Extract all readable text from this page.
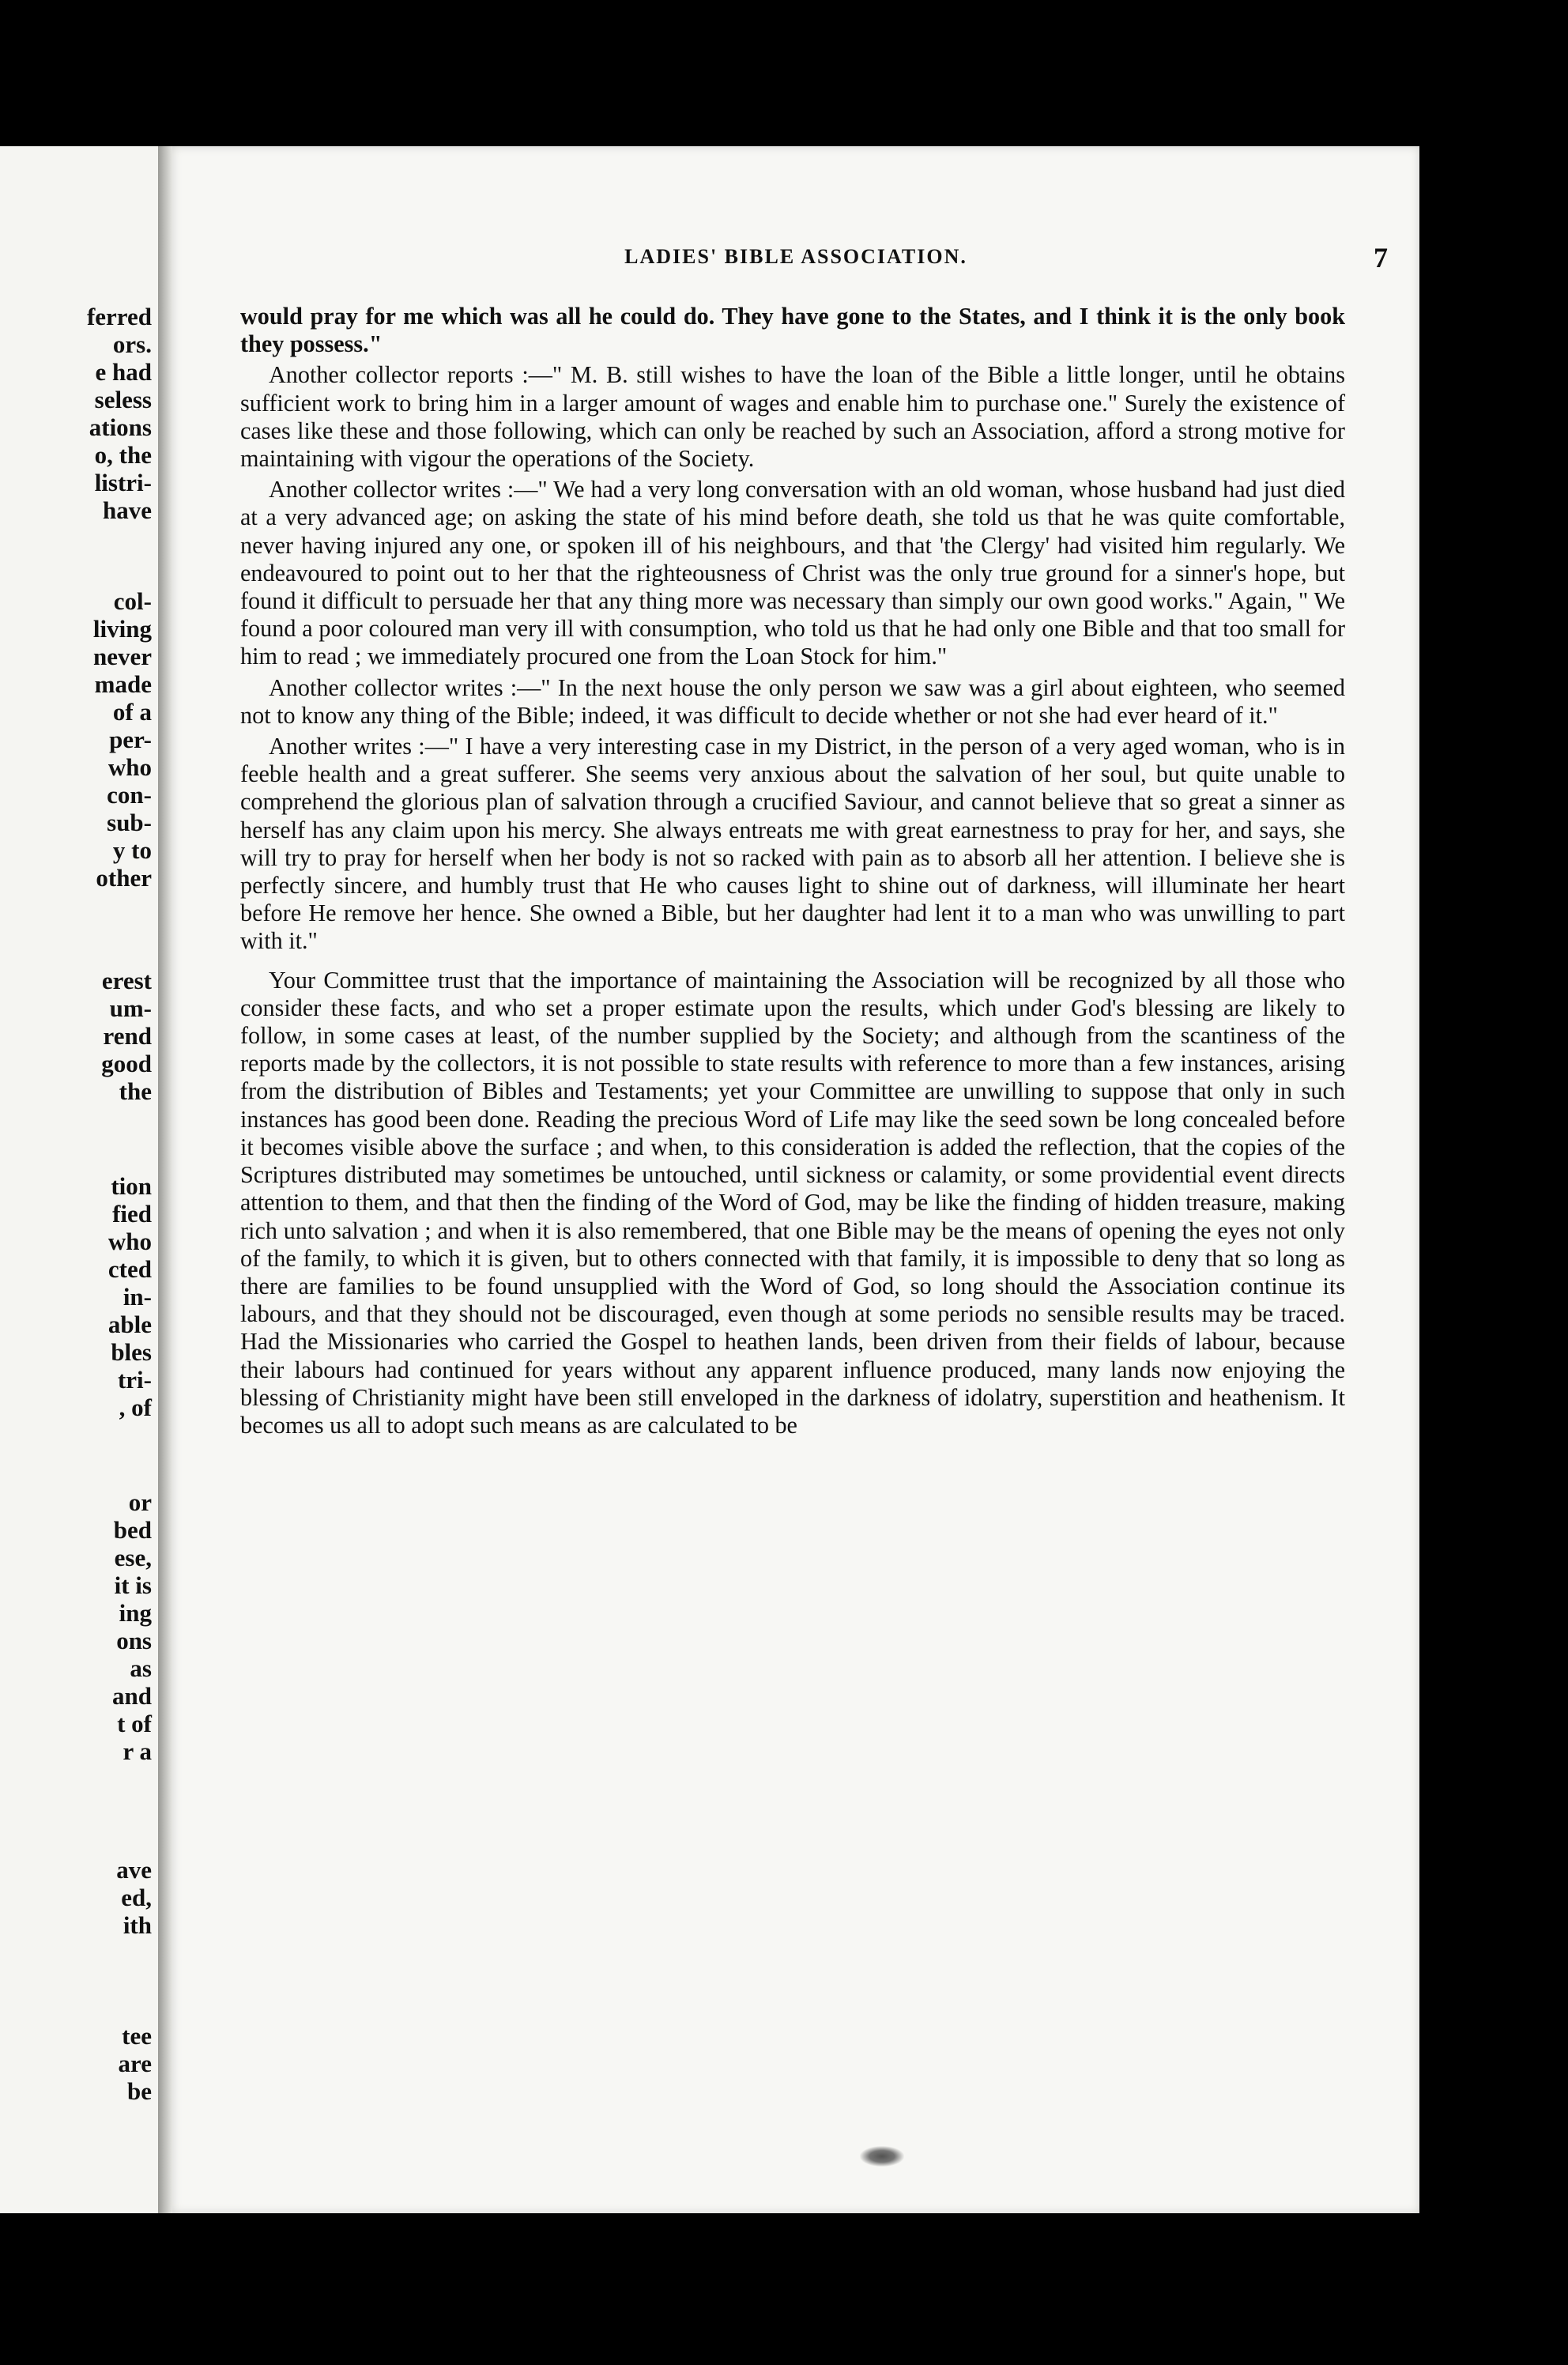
ferred
ors.
e had
seless
ations
o, the
listri-
have
col-
living
never
made
of a
per-
who
con-
sub-
y to
other
erest
um-
rend
good
the
tion
fied
who
cted
in-
able
bles
tri-
, of
or
bed
ese,
it is
ing
ons
as
and
t of
r a
ave
ed,
ith
tee
are
be
LADIES' BIBLE ASSOCIATION.	7

would pray for me which was all he could do. They have gone to the States, and I think it is the only book they possess."

Another collector reports :—" M. B. still wishes to have the loan of the Bible a little longer, until he obtains sufficient work to bring him in a larger amount of wages and enable him to purchase one." Surely the existence of cases like these and those following, which can only be reached by such an Association, afford a strong motive for maintaining with vigour the operations of the Society.

Another collector writes :—" We had a very long conversation with an old woman, whose husband had just died at a very advanced age; on asking the state of his mind before death, she told us that he was quite comfortable, never having injured any one, or spoken ill of his neighbours, and that 'the Clergy' had visited him regularly. We endeavoured to point out to her that the righteousness of Christ was the only true ground for a sinner's hope, but found it difficult to persuade her that any thing more was necessary than simply our own good works." Again, " We found a poor coloured man very ill with consumption, who told us that he had only one Bible and that too small for him to read ; we immediately procured one from the Loan Stock for him."

Another collector writes :—" In the next house the only person we saw was a girl about eighteen, who seemed not to know any thing of the Bible; indeed, it was difficult to decide whether or not she had ever heard of it."

Another writes :—" I have a very interesting case in my District, in the person of a very aged woman, who is in feeble health and a great sufferer. She seems very anxious about the salvation of her soul, but quite unable to comprehend the glorious plan of salvation through a crucified Saviour, and cannot believe that so great a sinner as herself has any claim upon his mercy. She always entreats me with great earnestness to pray for her, and says, she will try to pray for herself when her body is not so racked with pain as to absorb all her attention. I believe she is perfectly sincere, and humbly trust that He who causes light to shine out of darkness, will illuminate her heart before He remove her hence. She owned a Bible, but her daughter had lent it to a man who was unwilling to part with it."

Your Committee trust that the importance of maintaining the Association will be recognized by all those who consider these facts, and who set a proper estimate upon the results, which under God's blessing are likely to follow, in some cases at least, of the number supplied by the Society; and although from the scantiness of the reports made by the collectors, it is not possible to state results with reference to more than a few instances, arising from the distribution of Bibles and Testaments; yet your Committee are unwilling to suppose that only in such instances has good been done. Reading the precious Word of Life may like the seed sown be long concealed before it becomes visible above the surface ; and when, to this consideration is added the reflection, that the copies of the Scriptures distributed may sometimes be untouched, until sickness or calamity, or some providential event directs attention to them, and that then the finding of the Word of God, may be like the finding of hidden treasure, making rich unto salvation ; and when it is also remembered, that one Bible may be the means of opening the eyes not only of the family, to which it is given, but to others connected with that family, it is impossible to deny that so long as there are families to be found unsupplied with the Word of God, so long should the Association continue its labours, and that they should not be discouraged, even though at some periods no sensible results may be traced. Had the Missionaries who carried the Gospel to heathen lands, been driven from their fields of labour, because their labours had continued for years without any apparent influence produced, many lands now enjoying the blessing of Christianity might have been still enveloped in the darkness of idolatry, superstition and heathenism. It becomes us all to adopt such means as are calculated to be
